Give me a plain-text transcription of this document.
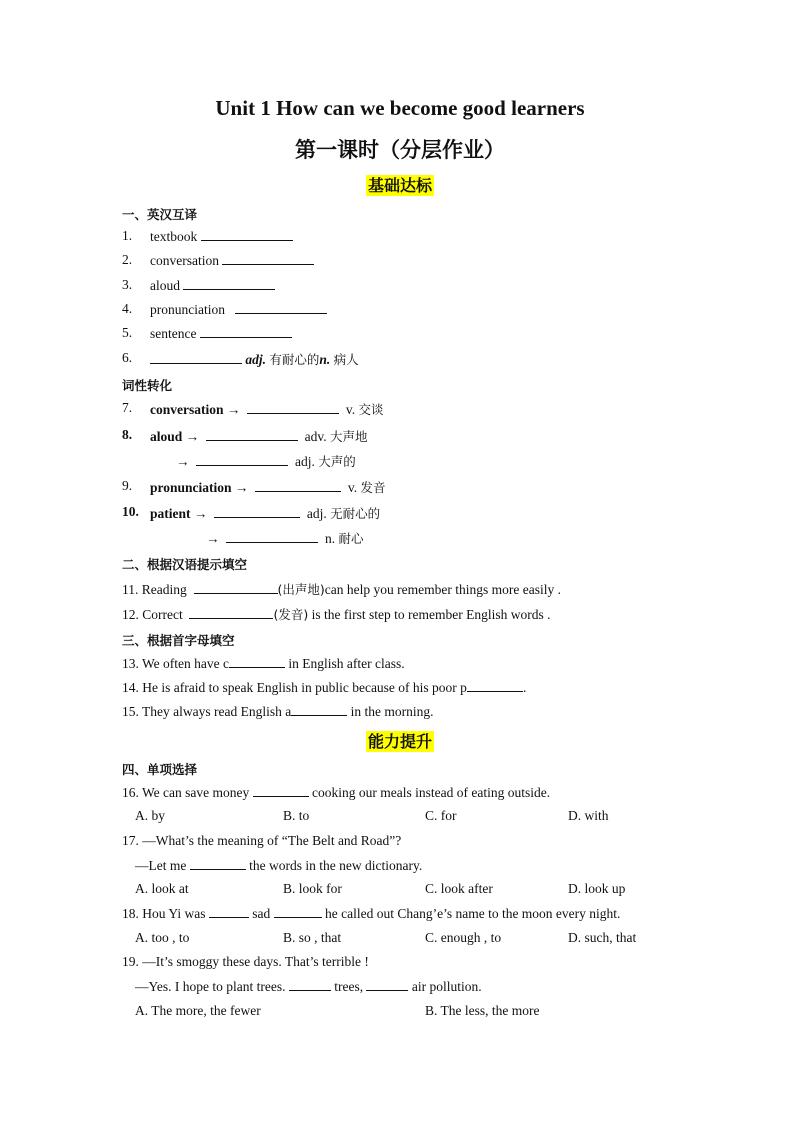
Unit 1 How can we become good learners
第一课时（分层作业）
基础达标
一、英汉互译
1. textbook
2. conversation
3. aloud
4. pronunciation
5. sentence
6.	adj. 有耐心的n. 病人
词性转化
7. conversation →	v. 交谈
8. aloud →	adv. 大声地
→	adj. 大声的
9. pronunciation →	v. 发音
10. patient →	adj. 无耐心的
→	n. 耐心
二、根据汉语提示填空
11. Reading	(出声地)can help you remember things more easily .
12. Correct	(发音) is the first step to remember English words .
三、根据首字母填空
13. We often have c	in English after class.
14. He is afraid to speak English in public because of his poor p	.
15. They always read English a	in the morning.
能力提升
四、单项选择
16. We can save money	cooking our meals instead of eating outside.
A. by	B. to	C. for	D. with
17. —What’s the meaning of “The Belt and Road”?
—Let me	the words in the new dictionary.
A. look at	B. look for	C. look after	D. look up
18. Hou Yi was	sad	he called out Chang’e’s name to the moon every night.
A. too , to	B. so , that	C. enough , to	D. such, that
19. —It’s smoggy these days. That’s terrible !
—Yes. I hope to plant trees.	trees,	air pollution.
A. The more, the fewer	B. The less, the more
